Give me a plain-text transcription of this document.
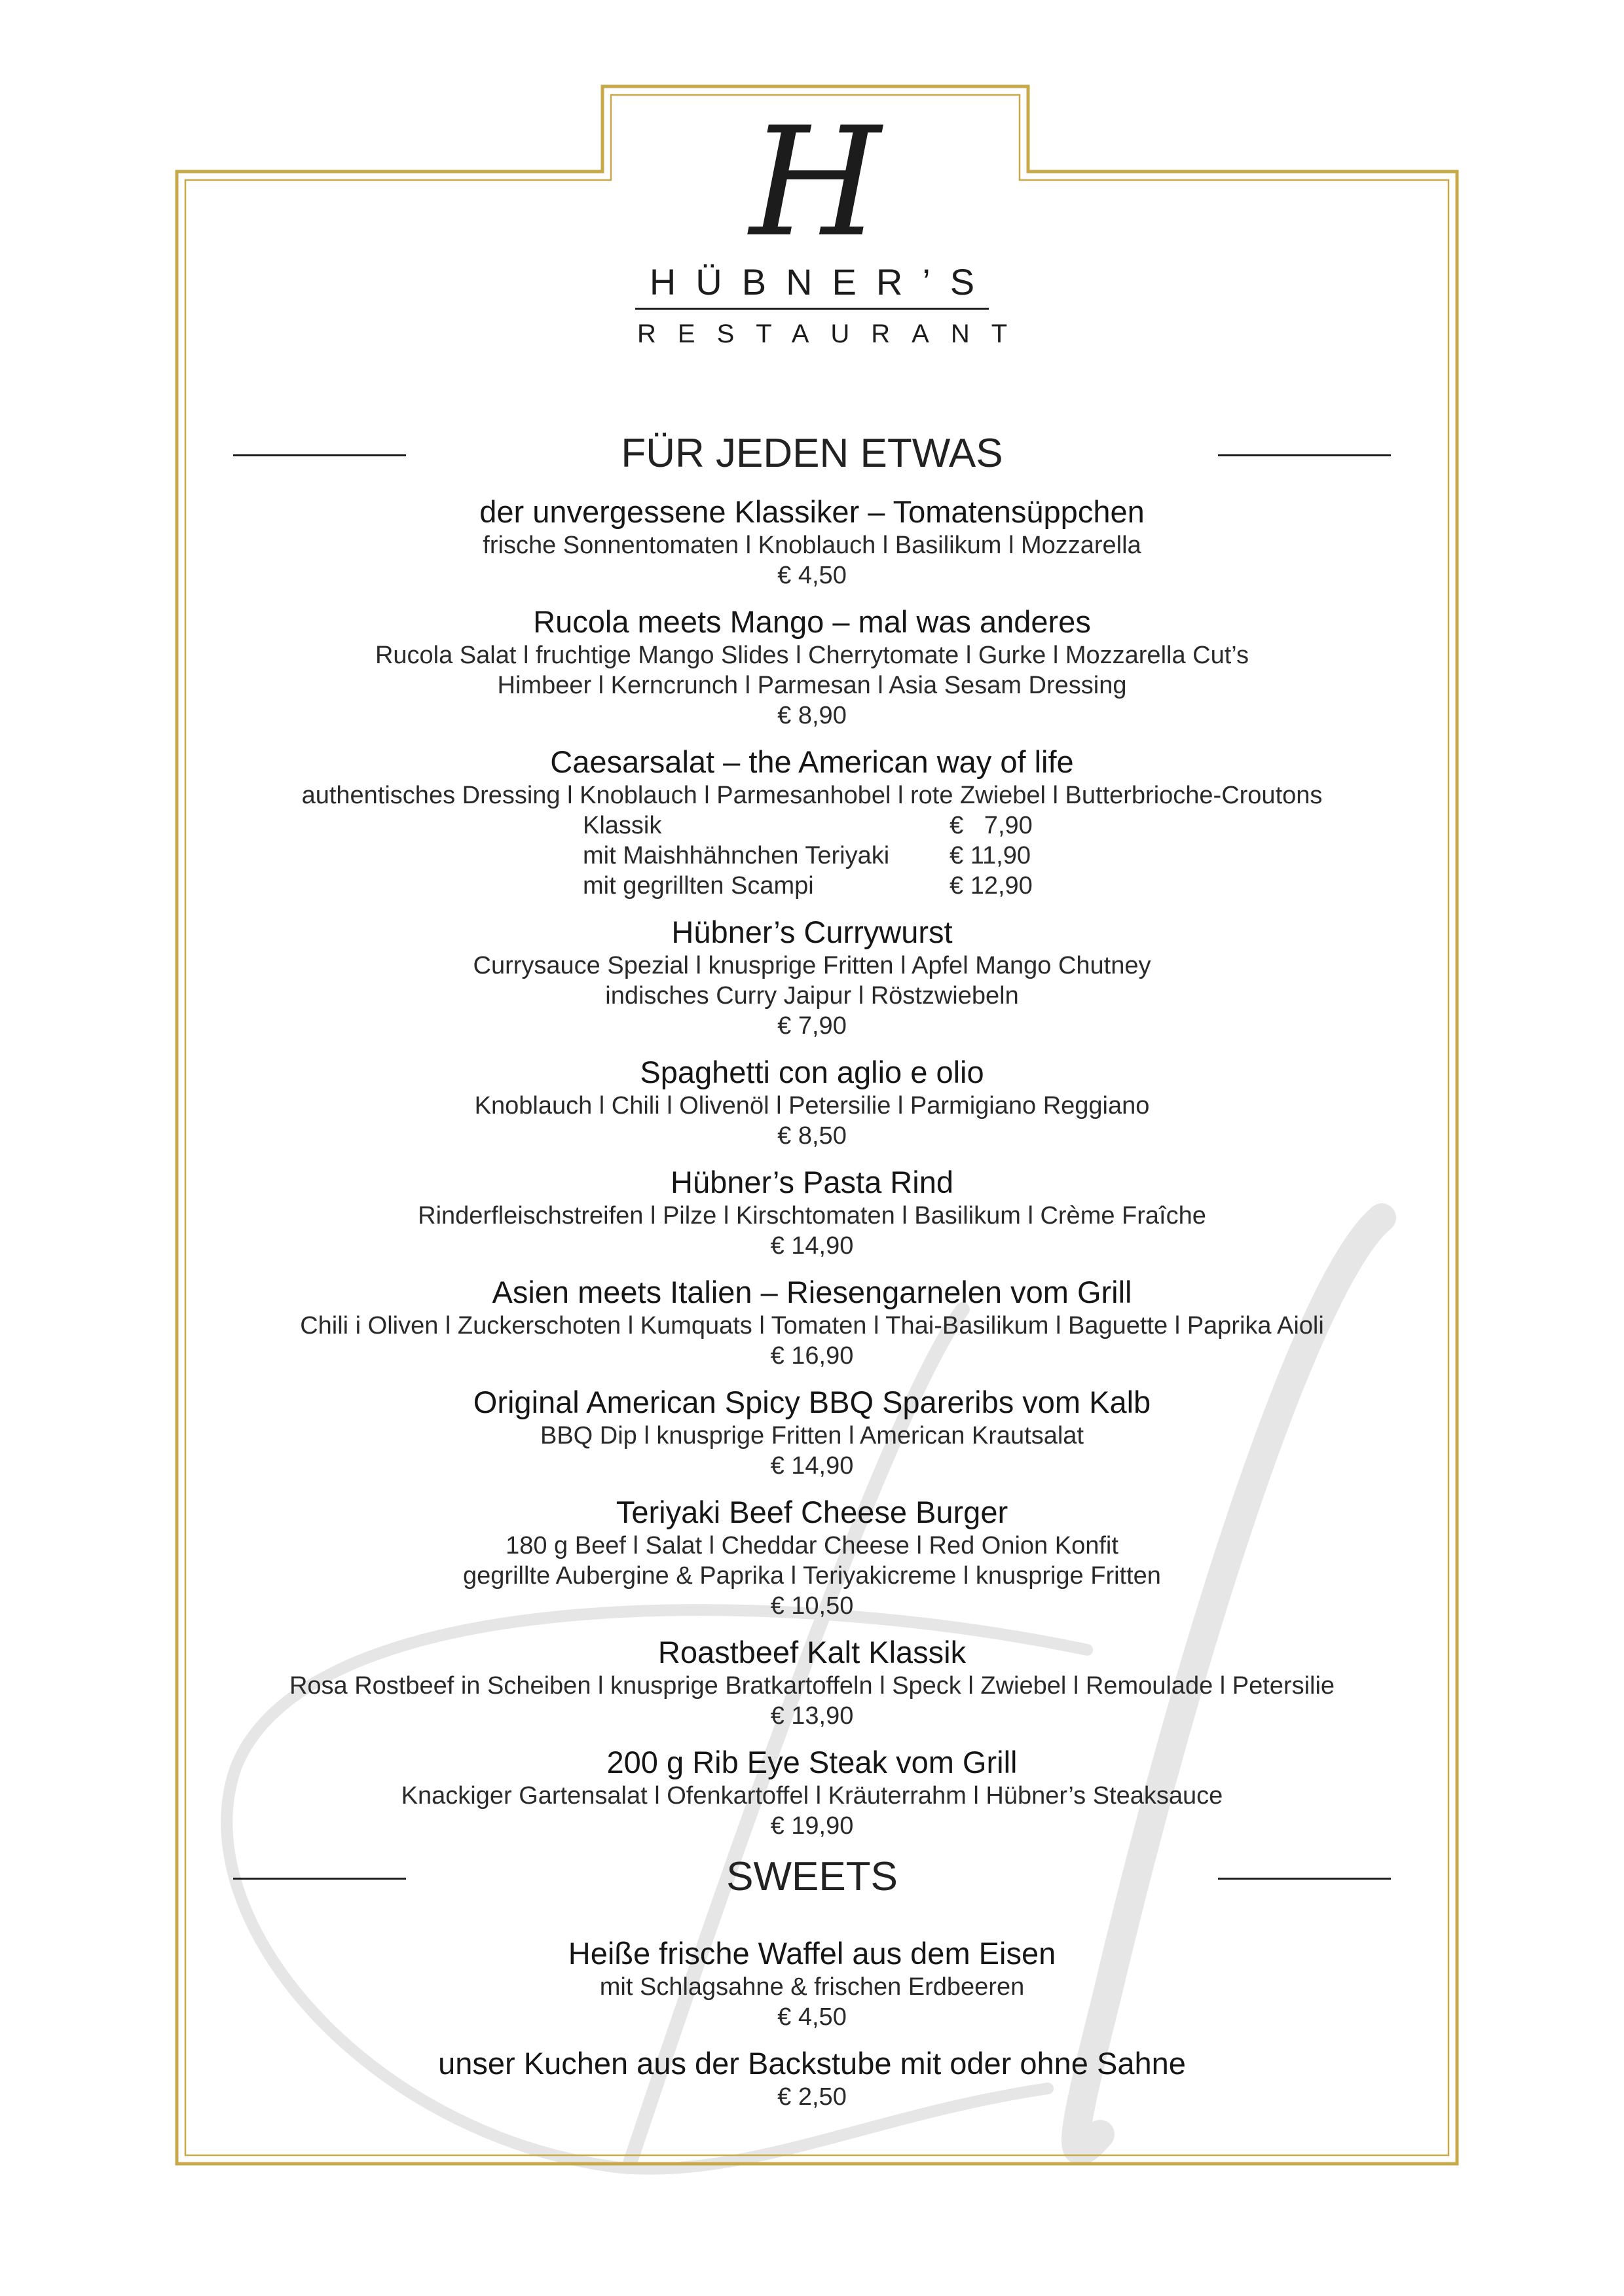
H
HÜBNER’S
RESTAURANT
FÜR JEDEN ETWAS
der unvergessene Klassiker – Tomatensüppchen
frische Sonnentomaten l Knoblauch l Basilikum l Mozzarella
€ 4,50
Rucola meets Mango – mal was anderes
Rucola Salat l fruchtige Mango Slides l Cherrytomate l Gurke l Mozzarella Cut’s
Himbeer l Kerncrunch l Parmesan l Asia Sesam Dressing
€ 8,90
Caesarsalat – the American way of life
authentisches Dressing l Knoblauch l Parmesanhobel l rote Zwiebel l Butterbrioche-Croutons
Klassik	€   7,90
mit Maishhähnchen Teriyaki	€ 11,90
mit gegrillten Scampi	€ 12,90
Hübner’s Currywurst
Currysauce Spezial l knusprige Fritten l Apfel Mango Chutney
indisches Curry Jaipur l Röstzwiebeln
€ 7,90
Spaghetti con aglio e olio
Knoblauch l Chili l Olivenöl l Petersilie l Parmigiano Reggiano
€ 8,50
Hübner’s Pasta Rind
Rinderfleischstreifen l Pilze l Kirschtomaten l Basilikum l Crème Fraîche
€ 14,90
Asien meets Italien – Riesengarnelen vom Grill
Chili i Oliven l Zuckerschoten l Kumquats l Tomaten l Thai-Basilikum l Baguette l Paprika Aioli
€ 16,90
Original American Spicy BBQ Spareribs vom Kalb
BBQ Dip l knusprige Fritten l American Krautsalat
€ 14,90
Teriyaki Beef Cheese Burger
180 g Beef l Salat l Cheddar Cheese l Red Onion Konfit
gegrillte Aubergine & Paprika l Teriyakicreme l knusprige Fritten
€ 10,50
Roastbeef Kalt Klassik
Rosa Rostbeef in Scheiben l knusprige Bratkartoffeln l Speck l Zwiebel l Remoulade l Petersilie
€ 13,90
200 g Rib Eye Steak vom Grill
Knackiger Gartensalat l Ofenkartoffel l Kräuterrahm l Hübner’s Steaksauce
€ 19,90
SWEETS
Heiße frische Waffel aus dem Eisen
mit Schlagsahne & frischen Erdbeeren
€ 4,50
unser Kuchen aus der Backstube mit oder ohne Sahne
€ 2,50
